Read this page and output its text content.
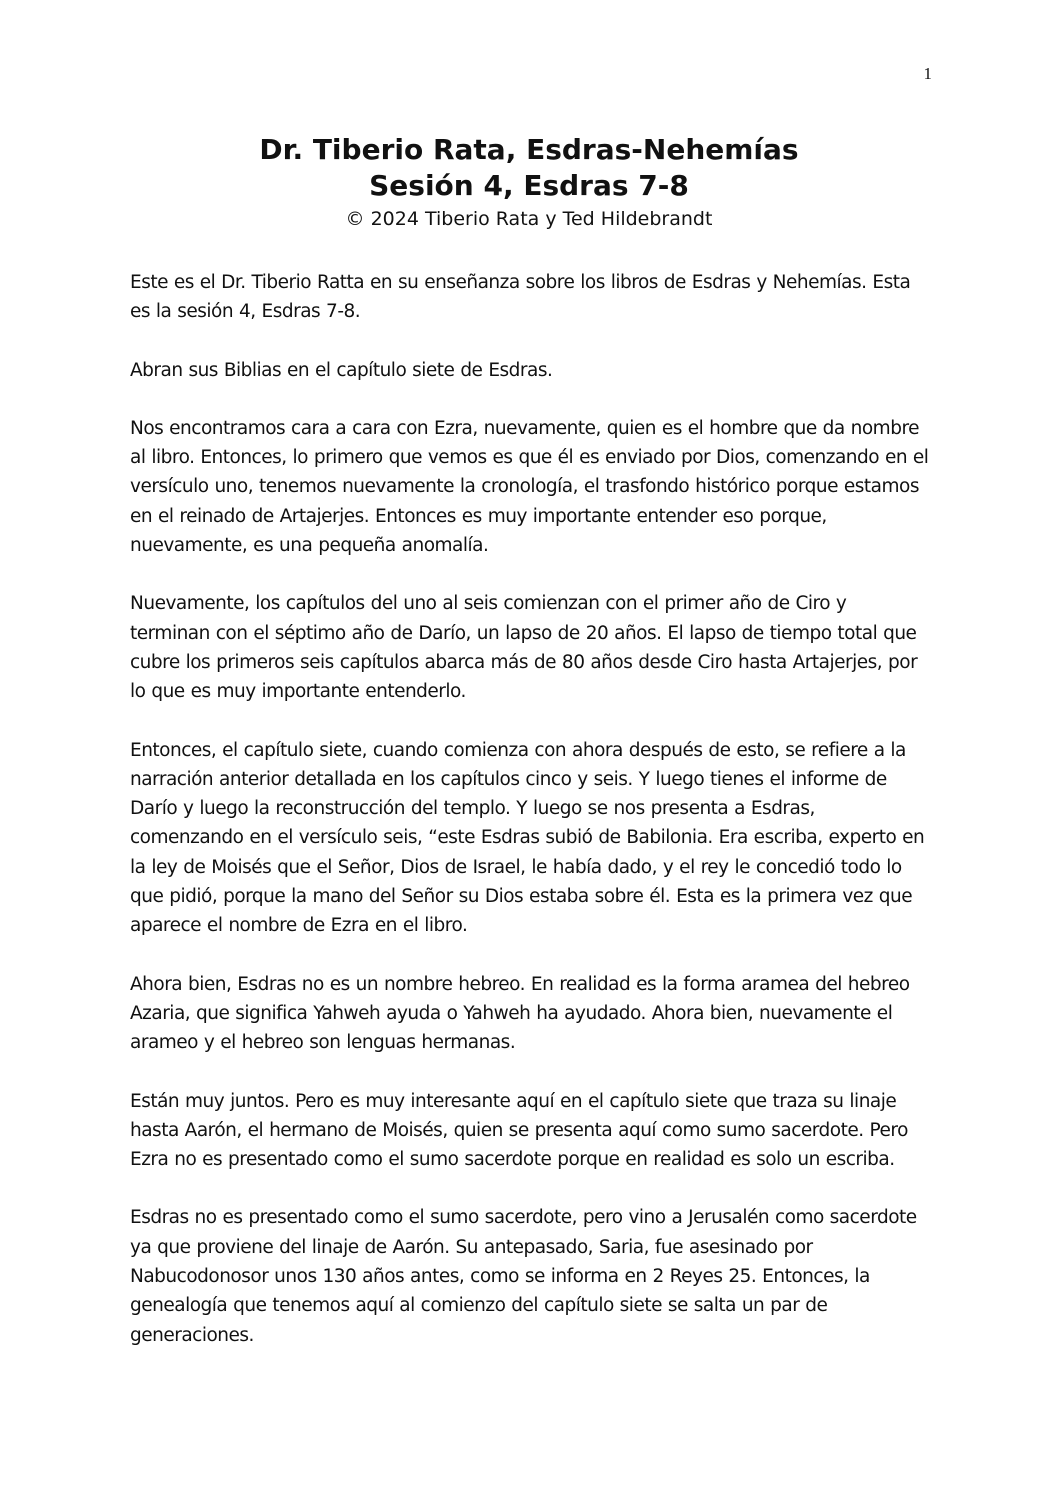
1
Dr. Tiberio Rata, Esdras-Nehemías
Sesión 4, Esdras 7-8
© 2024 Tiberio Rata y Ted Hildebrandt

Este es el Dr. Tiberio Ratta en su enseñanza sobre los libros de Esdras y Nehemías. Esta es la sesión 4, Esdras 7-8.

Abran sus Biblias en el capítulo siete de Esdras.

Nos encontramos cara a cara con Ezra, nuevamente, quien es el hombre que da nombre al libro. Entonces, lo primero que vemos es que él es enviado por Dios, comenzando en el versículo uno, tenemos nuevamente la cronología, el trasfondo histórico porque estamos en el reinado de Artajerjes. Entonces es muy importante entender eso porque, nuevamente, es una pequeña anomalía.

Nuevamente, los capítulos del uno al seis comienzan con el primer año de Ciro y terminan con el séptimo año de Darío, un lapso de 20 años. El lapso de tiempo total que cubre los primeros seis capítulos abarca más de 80 años desde Ciro hasta Artajerjes, por lo que es muy importante entenderlo.

Entonces, el capítulo siete, cuando comienza con ahora después de esto, se refiere a la narración anterior detallada en los capítulos cinco y seis. Y luego tienes el informe de Darío y luego la reconstrucción del templo. Y luego se nos presenta a Esdras, comenzando en el versículo seis, “este Esdras subió de Babilonia. Era escriba, experto en la ley de Moisés que el Señor, Dios de Israel, le había dado, y el rey le concedió todo lo que pidió, porque la mano del Señor su Dios estaba sobre él. Esta es la primera vez que aparece el nombre de Ezra en el libro.

Ahora bien, Esdras no es un nombre hebreo. En realidad es la forma aramea del hebreo Azaria, que significa Yahweh ayuda o Yahweh ha ayudado. Ahora bien, nuevamente el arameo y el hebreo son lenguas hermanas.

Están muy juntos. Pero es muy interesante aquí en el capítulo siete que traza su linaje hasta Aarón, el hermano de Moisés, quien se presenta aquí como sumo sacerdote. Pero Ezra no es presentado como el sumo sacerdote porque en realidad es solo un escriba.

Esdras no es presentado como el sumo sacerdote, pero vino a Jerusalén como sacerdote ya que proviene del linaje de Aarón. Su antepasado, Saria, fue asesinado por Nabucodonosor unos 130 años antes, como se informa en 2 Reyes 25. Entonces, la genealogía que tenemos aquí al comienzo del capítulo siete se salta un par de generaciones.
